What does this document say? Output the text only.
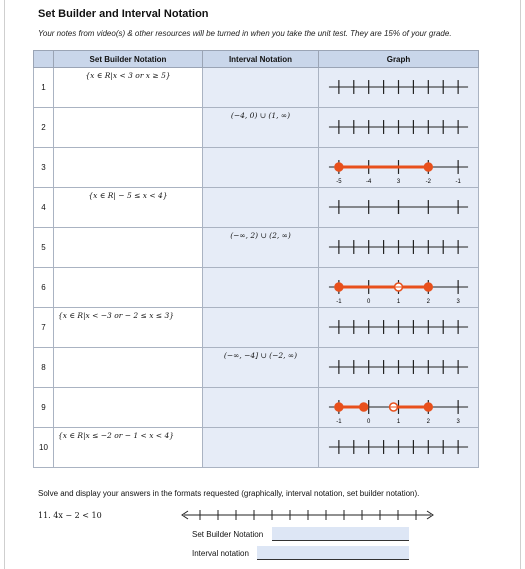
Set Builder and Interval Notation
Your notes from video(s) & other resources will be turned in when you take the unit test. They are 15% of your grade.
	Set Builder Notation	Interval Notation	Graph
1	{x ∈ R|x < 3 or x ≥ 5}

2		(−4, 0) ∪ (1, ∞)

3			-5 -4 3 -2 -1

4	{x ∈ R| − 5 ≤ x < 4}

5		(−∞, 2) ∪ (2, ∞)

6			-1 0 1 2 3

7	{x ∈ R|x < −3 or − 2 ≤ x ≤ 3}

8		(−∞, −4] ∪ (−2, ∞)

9			-1 0 1 2 3

10	{x ∈ R|x ≤ −2 or − 1 < x < 4}

Solve and display your answers in the formats requested (graphically, interval notation, set builder notation).
11. 4x − 2 < 10
Set Builder Notation
Interval notation
